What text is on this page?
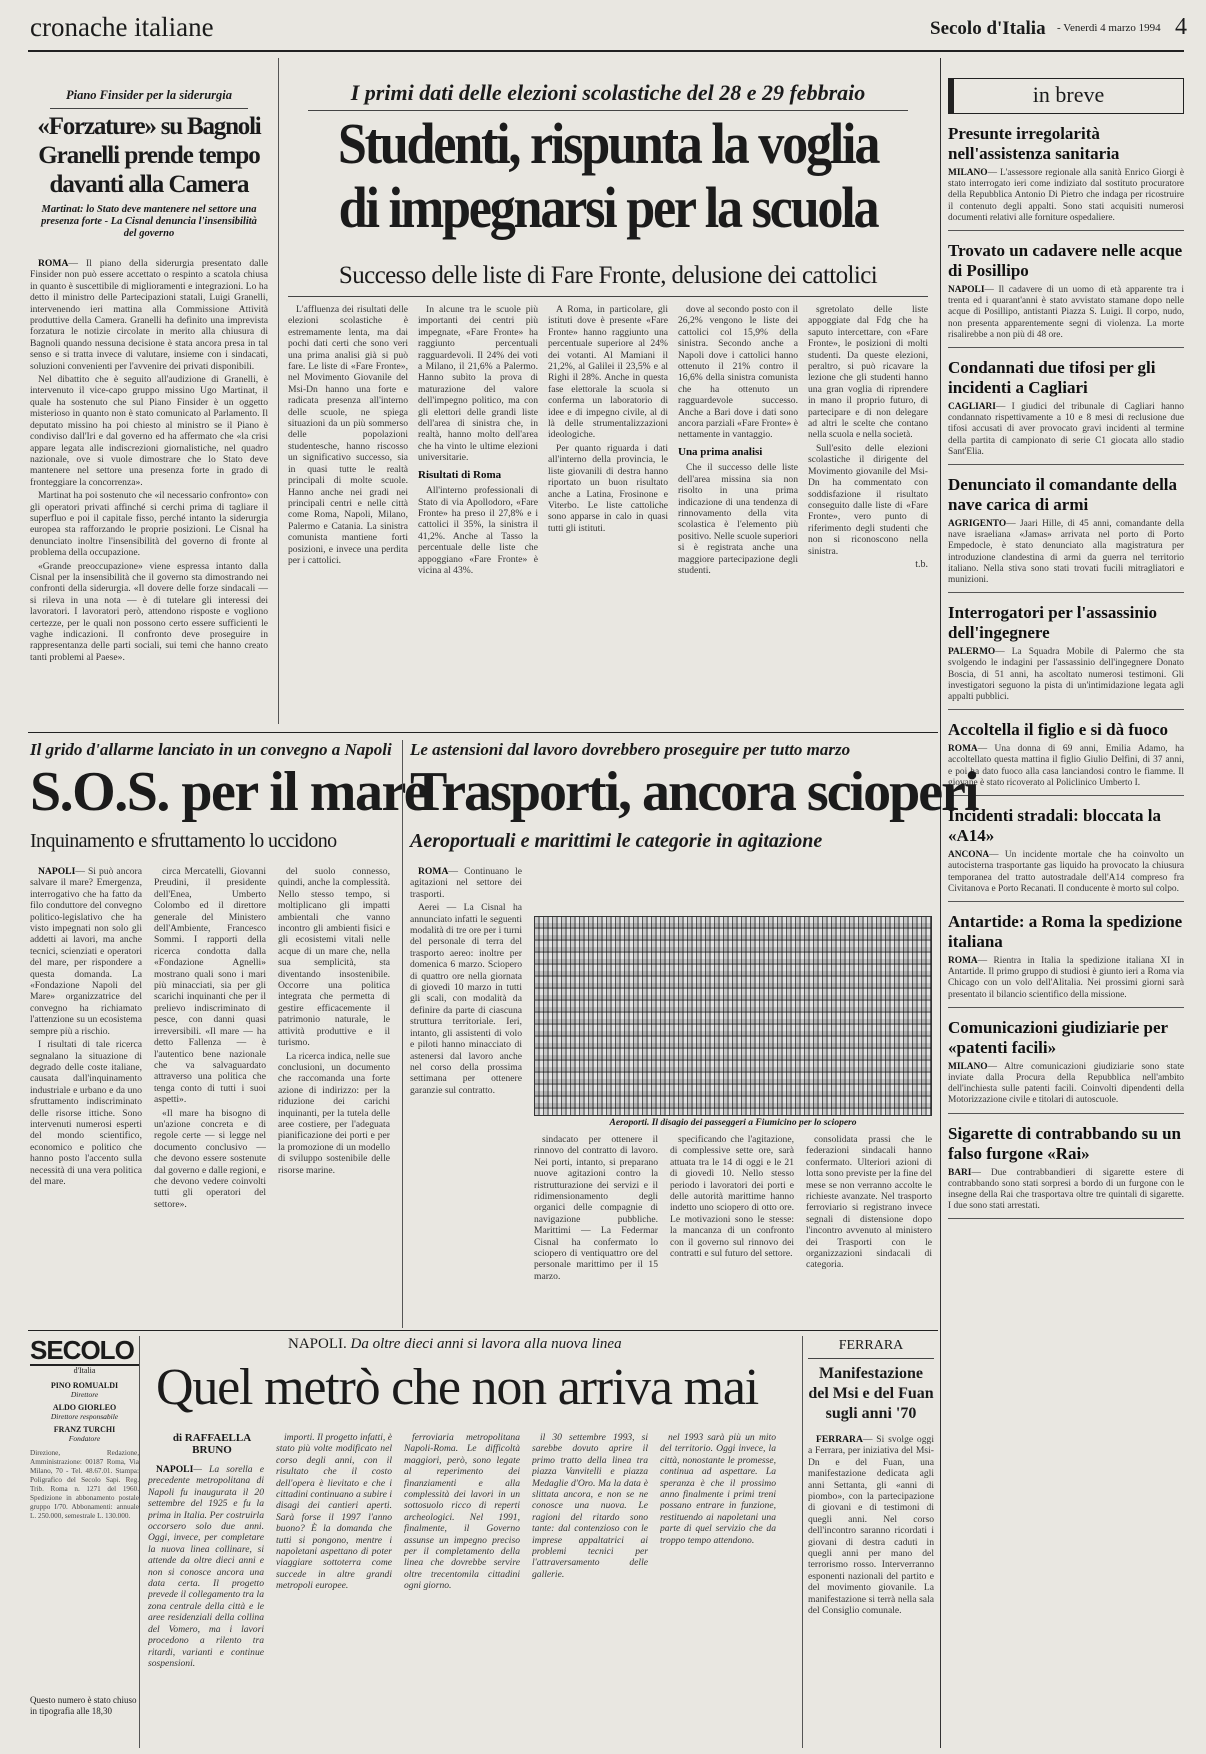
cronache italiane	Secolo d'Italia - Venerdì 4 marzo 1994 4
Piano Finsider per la siderurgia
«Forzature» su Bagnoli
Granelli prende tempo
davanti alla Camera
Martinat: lo Stato deve mantenere nel settore una presenza forte - La Cisnal denuncia l'insensibilità del governo

ROMA— Il piano della siderurgia presentato dalle Finsider non può essere accettato o respinto a scatola chiusa in quanto è suscettibile di miglioramenti e integrazioni. Lo ha detto il ministro delle Partecipazioni statali, Luigi Granelli, intervenendo ieri mattina alla Commissione Attività produttive della Camera. Granelli ha definito una imprevista forzatura le notizie circolate in merito alla chiusura di Bagnoli quando nessuna decisione è stata ancora presa in tal senso e si tratta invece di valutare, insieme con i sindacati, soluzioni convenienti per l'avvenire dei privati disponibili.

Nel dibattito che è seguito all'audizione di Granelli, è intervenuto il vice-capo gruppo missino Ugo Martinat, il quale ha sostenuto che sul Piano Finsider è un oggetto misterioso in quanto non è stato comunicato al Parlamento. Il deputato missino ha poi chiesto al ministro se il Piano è condiviso dall'Iri e dal governo ed ha affermato che «la crisi appare legata alle indiscrezioni giornalistiche, nel quadro nazionale, ove si vuole dimostrare che lo Stato deve mantenere nel settore una presenza forte in grado di fronteggiare la concorrenza».

Martinat ha poi sostenuto che «il necessario confronto» con gli operatori privati affinché si cerchi prima di tagliare il superfluo e poi il capitale fisso, perché intanto la siderurgia europea sta rafforzando le proprie posizioni. Le Cisnal ha denunciato inoltre l'insensibilità del governo di fronte al problema della occupazione.

«Grande preoccupazione» viene espressa intanto dalla Cisnal per la insensibilità che il governo sta dimostrando nei confronti della siderurgia. «Il dovere delle forze sindacali — si rileva in una nota — è di tutelare gli interessi dei lavoratori. I lavoratori però, attendono risposte e vogliono certezze, per le quali non possono certo essere sufficienti le vaghe indicazioni. Il confronto deve proseguire in rappresentanza delle parti sociali, sui temi che hanno creato tanti problemi al Paese».

I primi dati delle elezioni scolastiche del 28 e 29 febbraio
Studenti, rispunta la voglia
di impegnarsi per la scuola
Successo delle liste di Fare Fronte, delusione dei cattolici

L'affluenza dei risultati delle elezioni scolastiche è estremamente lenta, ma dai pochi dati certi che sono veri una prima analisi già si può fare. Le liste di «Fare Fronte», nel Movimento Giovanile del Msi-Dn hanno una forte e radicata presenza all'interno delle scuole, ne spiega situazioni da un più sommerso delle popolazioni studentesche, hanno riscosso un significativo successo, sia in quasi tutte le realtà principali di molte scuole. Hanno anche nei gradi nei principali centri e nelle città come Roma, Napoli, Milano, Palermo e Catania. La sinistra comunista mantiene forti posizioni, e invece una perdita per i cattolici.

In alcune tra le scuole più importanti dei centri più impegnate, «Fare Fronte» ha raggiunto percentuali ragguardevoli. Il 24% dei voti a Milano, il 21,6% a Palermo. Hanno subìto la prova di maturazione del valore dell'impegno politico, ma con gli elettori delle grandi liste dell'area di sinistra che, in realtà, hanno molto dell'area che ha vinto le ultime elezioni universitarie.

Risultati di Roma

All'interno professionali di Stato di via Apollodoro, «Fare Fronte» ha preso il 27,8% e i cattolici il 35%, la sinistra il 41,2%. Anche al Tasso la percentuale delle liste che appoggiano «Fare Fronte» è vicina al 43%.

A Roma, in particolare, gli istituti dove è presente «Fare Fronte» hanno raggiunto una percentuale superiore al 24% dei votanti. Al Mamiani il 21,2%, al Galilei il 23,5% e al Righi il 28%. Anche in questa fase elettorale la scuola si conferma un laboratorio di idee e di impegno civile, al di là delle strumentalizzazioni ideologiche.

Per quanto riguarda i dati all'interno della provincia, le liste giovanili di destra hanno riportato un buon risultato anche a Latina, Frosinone e Viterbo. Le liste cattoliche sono apparse in calo in quasi tutti gli istituti.

dove al secondo posto con il 26,2% vengono le liste dei cattolici col 15,9% della sinistra. Secondo anche a Napoli dove i cattolici hanno ottenuto il 21% contro il 16,6% della sinistra comunista che ha ottenuto un ragguardevole successo. Anche a Bari dove i dati sono ancora parziali «Fare Fronte» è nettamente in vantaggio.

Una prima analisi

Che il successo delle liste dell'area missina sia non risolto in una prima indicazione di una tendenza di rinnovamento della vita scolastica è l'elemento più positivo. Nelle scuole superiori si è registrata anche una maggiore partecipazione degli studenti.

sgretolato delle liste appoggiate dal Fdg che ha saputo intercettare, con «Fare Fronte», le posizioni di molti studenti. Da queste elezioni, peraltro, si può ricavare la lezione che gli studenti hanno una gran voglia di riprendere in mano il proprio futuro, di partecipare e di non delegare ad altri le scelte che contano nella scuola e nella società.

Sull'esito delle elezioni scolastiche il dirigente del Movimento giovanile del Msi-Dn ha commentato con soddisfazione il risultato conseguito dalle liste di «Fare Fronte», vero punto di riferimento degli studenti che non si riconoscono nella sinistra.

t.b.
in breve
Presunte irregolarità nell'assistenza sanitaria
MILANO— L'assessore regionale alla sanità Enrico Giorgi è stato interrogato ieri come indiziato dal sostituto procuratore della Repubblica Antonio Di Pietro che indaga per ricostruire il contenuto degli appalti. Sono stati acquisiti numerosi documenti relativi alle forniture ospedaliere.
Trovato un cadavere nelle acque di Posillipo
NAPOLI— Il cadavere di un uomo di età apparente tra i trenta ed i quarant'anni è stato avvistato stamane dopo nelle acque di Posillipo, antistanti Piazza S. Luigi. Il corpo, nudo, non presenta apparentemente segni di violenza. La morte risalirebbe a non più di 48 ore.
Condannati due tifosi per gli incidenti a Cagliari
CAGLIARI— I giudici del tribunale di Cagliari hanno condannato rispettivamente a 10 e 8 mesi di reclusione due tifosi accusati di aver provocato gravi incidenti al termine della partita di campionato di serie C1 giocata allo stadio Sant'Elia.
Denunciato il comandante della nave carica di armi
AGRIGENTO— Jaari Hille, di 45 anni, comandante della nave israeliana «Jamas» arrivata nel porto di Porto Empedocle, è stato denunciato alla magistratura per introduzione clandestina di armi da guerra nel territorio italiano. Nella stiva sono stati trovati fucili mitragliatori e munizioni.
Interrogatori per l'assassinio dell'ingegnere
PALERMO— La Squadra Mobile di Palermo che sta svolgendo le indagini per l'assassinio dell'ingegnere Donato Boscia, di 51 anni, ha ascoltato numerosi testimoni. Gli investigatori seguono la pista di un'intimidazione legata agli appalti pubblici.
Accoltella il figlio e si dà fuoco
ROMA— Una donna di 69 anni, Emilia Adamo, ha accoltellato questa mattina il figlio Giulio Delfini, di 37 anni, e poi ha dato fuoco alla casa lanciandosi contro le fiamme. Il giovane è stato ricoverato al Policlinico Umberto I.
Incidenti stradali: bloccata la «A14»
ANCONA— Un incidente mortale che ha coinvolto un autocisterna trasportante gas liquido ha provocato la chiusura temporanea del tratto autostradale dell'A14 compreso fra Civitanova e Porto Recanati. Il conducente è morto sul colpo.
Antartide: a Roma la spedizione italiana
ROMA— Rientra in Italia la spedizione italiana XI in Antartide. Il primo gruppo di studiosi è giunto ieri a Roma via Chicago con un volo dell'Alitalia. Nei prossimi giorni sarà presentato il bilancio scientifico della missione.
Comunicazioni giudiziarie per «patenti facili»
MILANO— Altre comunicazioni giudiziarie sono state inviate dalla Procura della Repubblica nell'ambito dell'inchiesta sulle patenti facili. Coinvolti dipendenti della Motorizzazione civile e titolari di autoscuole.
Sigarette di contrabbando su un falso furgone «Rai»
BARI— Due contrabbandieri di sigarette estere di contrabbando sono stati sorpresi a bordo di un furgone con le insegne della Rai che trasportava oltre tre quintali di sigarette. I due sono stati arrestati.
Il grido d'allarme lanciato in un convegno a Napoli
S.O.S. per il mare
Inquinamento e sfruttamento lo uccidono

NAPOLI— Si può ancora salvare il mare? Emergenza, interrogativo che ha fatto da filo conduttore del convegno politico-legislativo che ha visto impegnati non solo gli addetti ai lavori, ma anche tecnici, scienziati e operatori del mare, per rispondere a questa domanda. La «Fondazione Napoli del Mare» organizzatrice del convegno ha richiamato l'attenzione su un ecosistema sempre più a rischio.

I risultati di tale ricerca segnalano la situazione di degrado delle coste italiane, causata dall'inquinamento industriale e urbano e da uno sfruttamento indiscriminato delle risorse ittiche. Sono intervenuti numerosi esperti del mondo scientifico, economico e politico che hanno posto l'accento sulla necessità di una vera politica del mare.

circa Mercatelli, Giovanni Preudini, il presidente dell'Enea, Umberto Colombo ed il direttore generale del Ministero dell'Ambiente, Francesco Sommi. I rapporti della ricerca condotta dalla «Fondazione Agnelli» mostrano quali sono i mari più minacciati, sia per gli scarichi inquinanti che per il prelievo indiscriminato di pesce, con danni quasi irreversibili. «Il mare — ha detto Fallenza — è l'autentico bene nazionale che va salvaguardato attraverso una politica che tenga conto di tutti i suoi aspetti».

«Il mare ha bisogno di un'azione concreta e di regole certe — si legge nel documento conclusivo — che devono essere sostenute dal governo e dalle regioni, e che devono vedere coinvolti tutti gli operatori del settore».

del suolo connesso, quindi, anche la complessità. Nello stesso tempo, si moltiplicano gli impatti ambientali che vanno incontro gli ambienti fisici e gli ecosistemi vitali nelle acque di un mare che, nella sua semplicità, sta diventando insostenibile. Occorre una politica integrata che permetta di gestire efficacemente il patrimonio naturale, le attività produttive e il turismo.

La ricerca indica, nelle sue conclusioni, un documento che raccomanda una forte azione di indirizzo: per la riduzione dei carichi inquinanti, per la tutela delle aree costiere, per l'adeguata pianificazione dei porti e per la promozione di un modello di sviluppo sostenibile delle risorse marine.

Le astensioni dal lavoro dovrebbero proseguire per tutto marzo
Trasporti, ancora scioperi
Aeroportuali e marittimi le categorie in agitazione

ROMA— Continuano le agitazioni nel settore dei trasporti.

Aerei — La Cisnal ha annunciato infatti le seguenti modalità di tre ore per i turni del personale di terra del trasporto aereo: inoltre per domenica 6 marzo. Sciopero di quattro ore nella giornata di giovedì 10 marzo in tutti gli scali, con modalità da definire da parte di ciascuna struttura territoriale. Ieri, intanto, gli assistenti di volo e piloti hanno minacciato di astenersi dal lavoro anche nel corso della prossima settimana per ottenere garanzie sul contratto.

Aeroporti. Il disagio dei passeggeri a Fiumicino per lo sciopero

sindacato per ottenere il rinnovo del contratto di lavoro. Nei porti, intanto, si preparano nuove agitazioni contro la ristrutturazione dei servizi e il ridimensionamento degli organici delle compagnie di navigazione pubbliche. Marittimi — La Federmar Cisnal ha confermato lo sciopero di ventiquattro ore del personale marittimo per il 15 marzo.

specificando che l'agitazione, di complessive sette ore, sarà attuata tra le 14 di oggi e le 21 di giovedì 10. Nello stesso periodo i lavoratori dei porti e delle autorità marittime hanno indetto uno sciopero di otto ore. Le motivazioni sono le stesse: la mancanza di un confronto con il governo sul rinnovo dei contratti e sul futuro del settore.

consolidata prassi che le federazioni sindacali hanno confermato. Ulteriori azioni di lotta sono previste per la fine del mese se non verranno accolte le richieste avanzate. Nel trasporto ferroviario si registrano invece segnali di distensione dopo l'incontro avvenuto al ministero dei Trasporti con le organizzazioni sindacali di categoria.

SECOLO
d'Italia
PINO ROMUALDI
Direttore
ALDO GIORLEO
Direttore responsabile
FRANZ TURCHI
Fondatore
Direzione, Redazione, Amministrazione: 00187 Roma, Via Milano, 70 - Tel. 48.67.01. Stampa: Poligrafico del Secolo Sapi. Reg. Trib. Roma n. 1271 del 1960. Spedizione in abbonamento postale gruppo I/70. Abbonamenti: annuale L. 250.000, semestrale L. 130.000.
Questo numero è stato chiuso in tipografia alle 18,30
NAPOLI. Da oltre dieci anni si lavora alla nuova linea
Quel metrò che non arriva mai
di RAFFAELLA
BRUNO

NAPOLI— La sorella e precedente metropolitana di Napoli fu inaugurata il 20 settembre del 1925 e fu la prima in Italia. Per costruirla occorsero solo due anni. Oggi, invece, per completare la nuova linea collinare, si attende da oltre dieci anni e non si conosce ancora una data certa. Il progetto prevede il collegamento tra la zona centrale della città e le aree residenziali della collina del Vomero, ma i lavori procedono a rilento tra ritardi, varianti e continue sospensioni.

importi. Il progetto infatti, è stato più volte modificato nel corso degli anni, con il risultato che il costo dell'opera è lievitato e che i cittadini continuano a subire i disagi dei cantieri aperti. Sarà forse il 1997 l'anno buono? È la domanda che tutti si pongono, mentre i napoletani aspettano di poter viaggiare sottoterra come succede in altre grandi metropoli europee.

ferroviaria metropolitana Napoli-Roma. Le difficoltà maggiori, però, sono legate al reperimento dei finanziamenti e alla complessità dei lavori in un sottosuolo ricco di reperti archeologici. Nel 1991, finalmente, il Governo assunse un impegno preciso per il completamento della linea che dovrebbe servire oltre trecentomila cittadini ogni giorno.

il 30 settembre 1993, si sarebbe dovuto aprire il primo tratto della linea tra piazza Vanvitelli e piazza Medaglie d'Oro. Ma la data è slittata ancora, e non se ne conosce una nuova. Le ragioni del ritardo sono tante: dal contenzioso con le imprese appaltatrici ai problemi tecnici per l'attraversamento delle gallerie.

nel 1993 sarà più un mito del territorio. Oggi invece, la città, nonostante le promesse, continua ad aspettare. La speranza è che il prossimo anno finalmente i primi treni possano entrare in funzione, restituendo ai napoletani una parte di quel servizio che da troppo tempo attendono.

FERRARA
Manifestazione
del Msi e del Fuan
sugli anni '70

FERRARA— Si svolge oggi a Ferrara, per iniziativa del Msi-Dn e del Fuan, una manifestazione dedicata agli anni Settanta, gli «anni di piombo», con la partecipazione di giovani e di testimoni di quegli anni. Nel corso dell'incontro saranno ricordati i giovani di destra caduti in quegli anni per mano del terrorismo rosso. Interverranno esponenti nazionali del partito e del movimento giovanile. La manifestazione si terrà nella sala del Consiglio comunale.
